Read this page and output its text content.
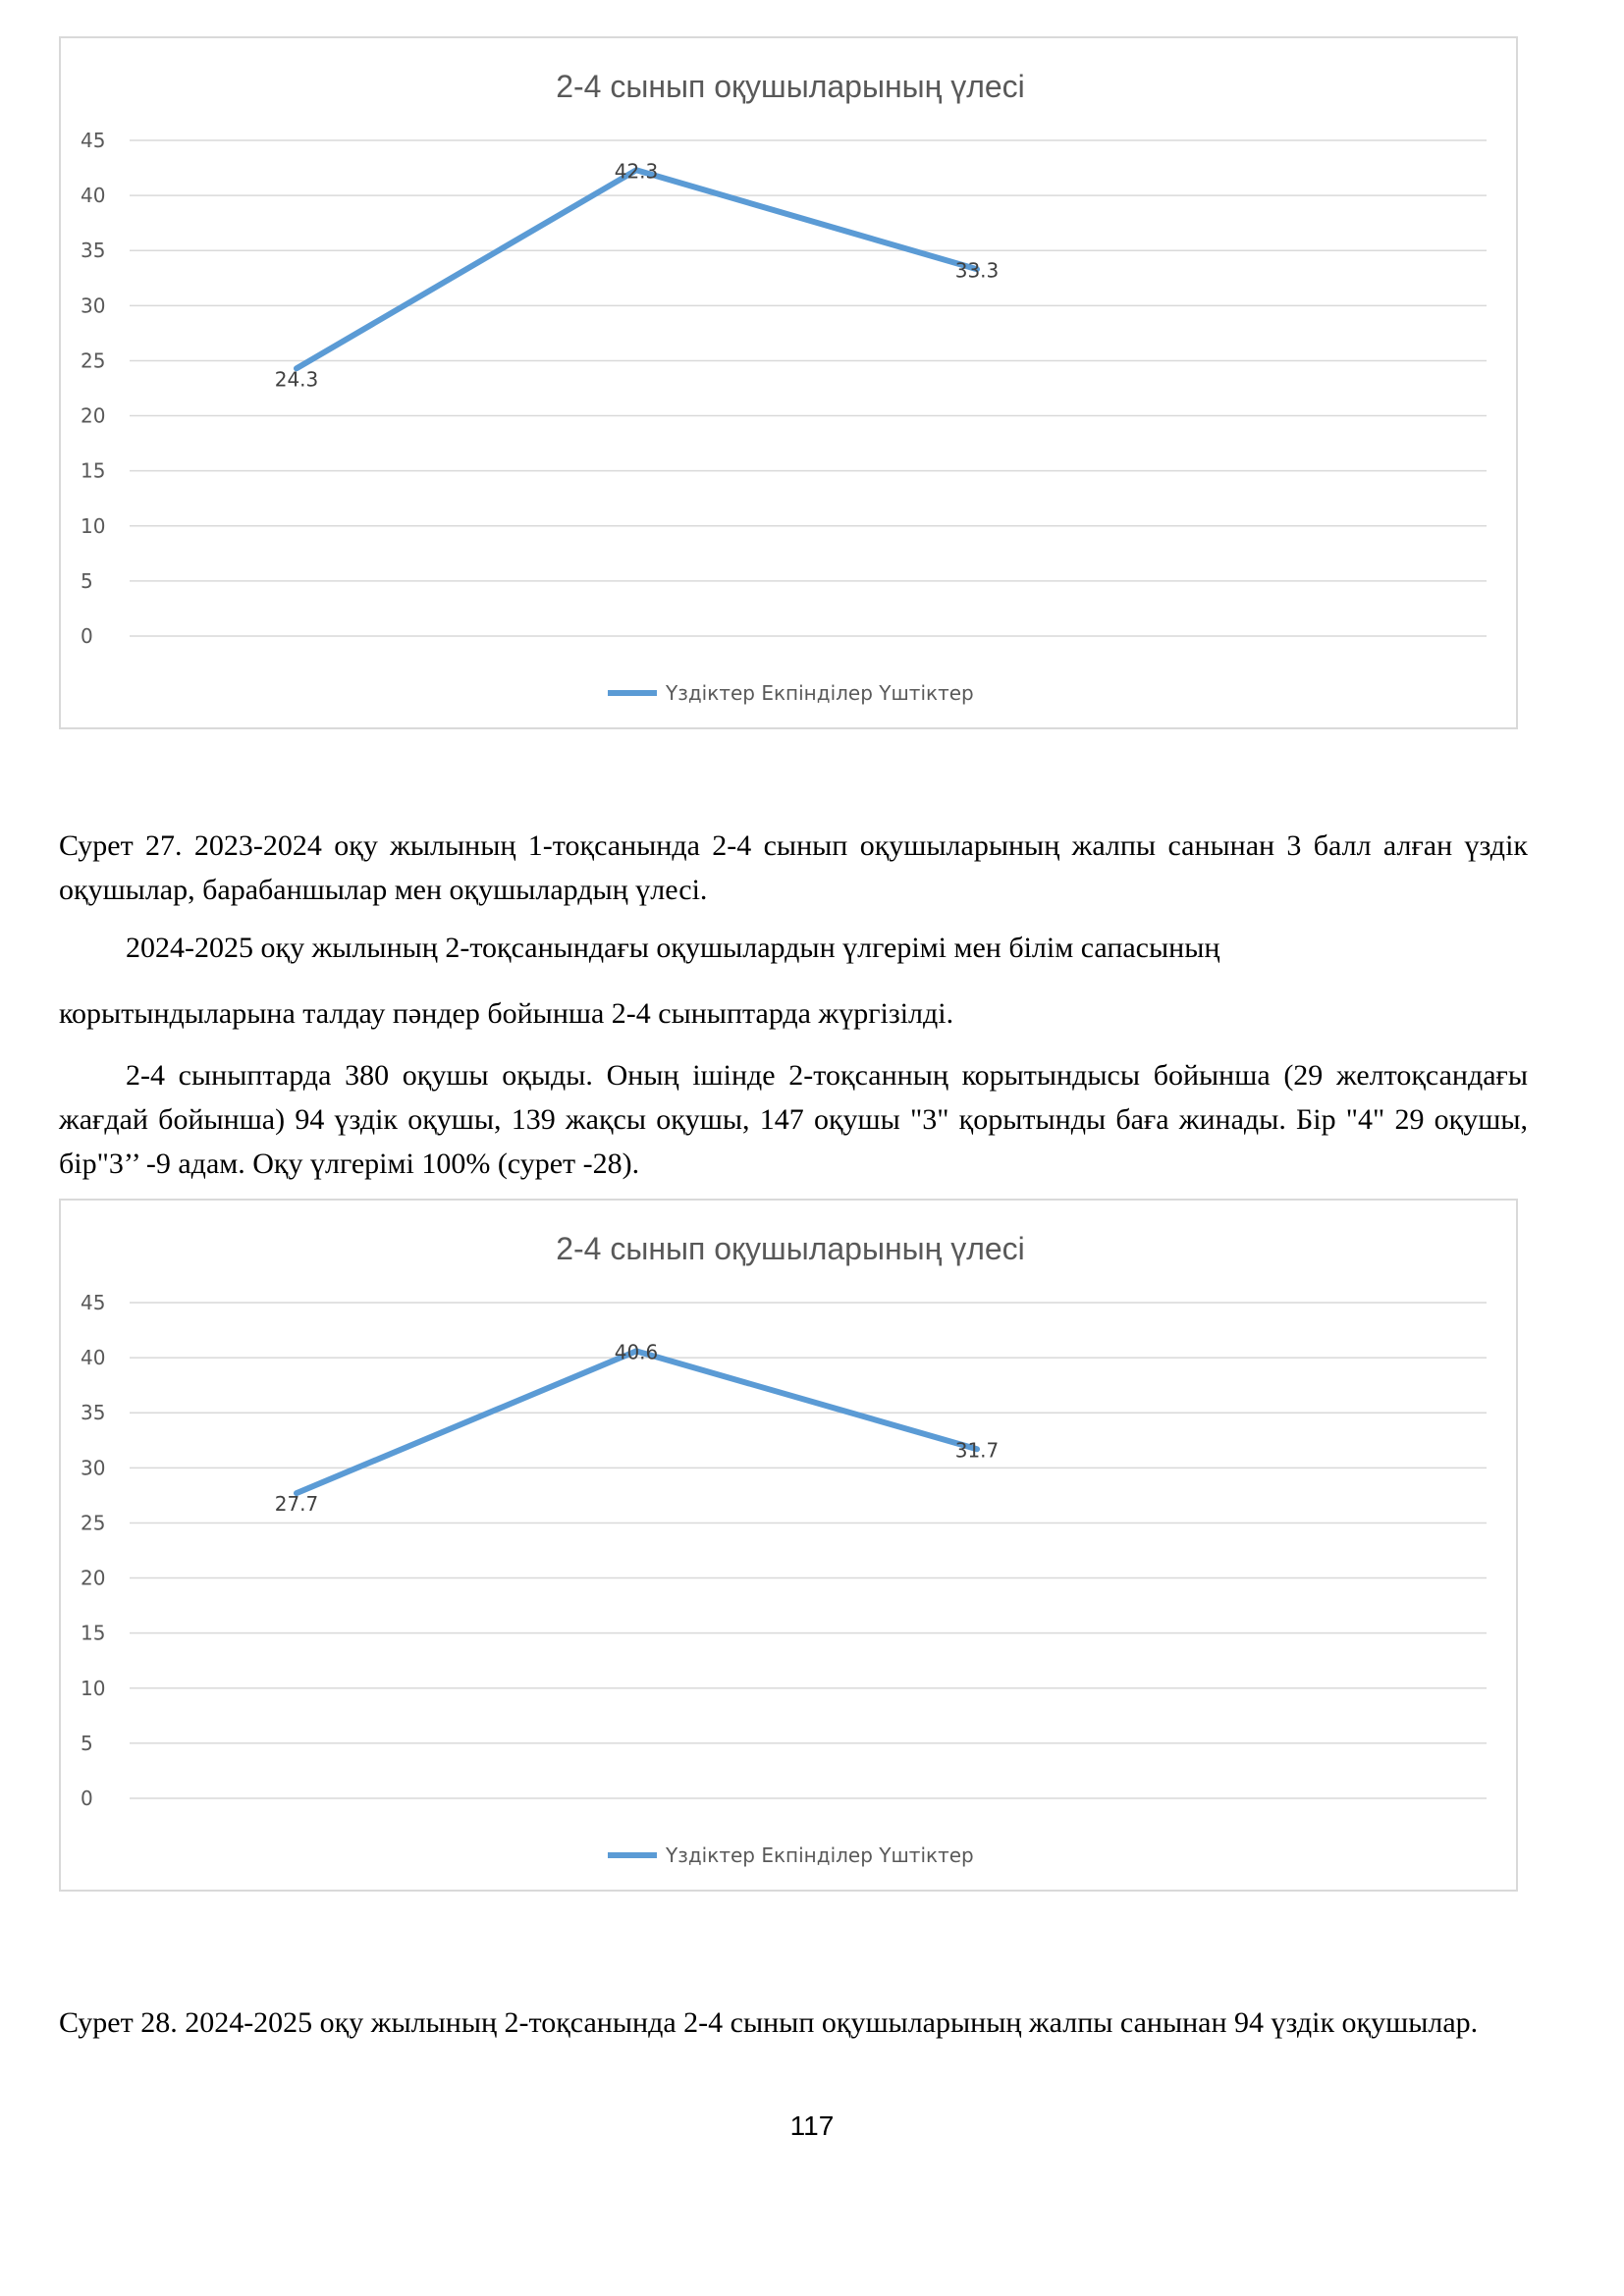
2-4 сынып оқушыларының үлесі
45
40
35
30
25
20
15
10
5
0
24.3
42.3
33.3
Үздіктер Екпінділер Үштіктер

Сурет 27. 2023-2024 оқу жылының 1-тоқсанында 2-4 сынып оқушыларының жалпы санынан 3 балл алған үздік оқушылар, барабаншылар мен оқушылардың үлесі.

2024-2025 оқу жылының 2-тоқсанындағы оқушылардын үлгерімі мен білім сапасының

корытындыларына талдау пәндер бойынша 2-4 сыныптарда жүргізілді.

2-4 сыныптарда 380 оқушы оқыды. Оның ішінде 2-тоқсанның корытындысы бойынша (29 желтоқсандағы жағдай бойынша) 94 үздік оқушы, 139 жақсы оқушы, 147 оқушы "3" қорытынды баға жинады. Бір "4" 29 оқушы, бір"3’’ -9 адам. Оқу үлгерімі 100% (сурет -28).

2-4 сынып оқушыларының үлесі
45
40
35
30
25
20
15
10
5
0
27.7
40.6
31.7
Үздіктер Екпінділер Үштіктер

Сурет 28. 2024-2025 оқу жылының 2-тоқсанында 2-4 сынып оқушыларының жалпы санынан 94 үздік оқушылар.

117
